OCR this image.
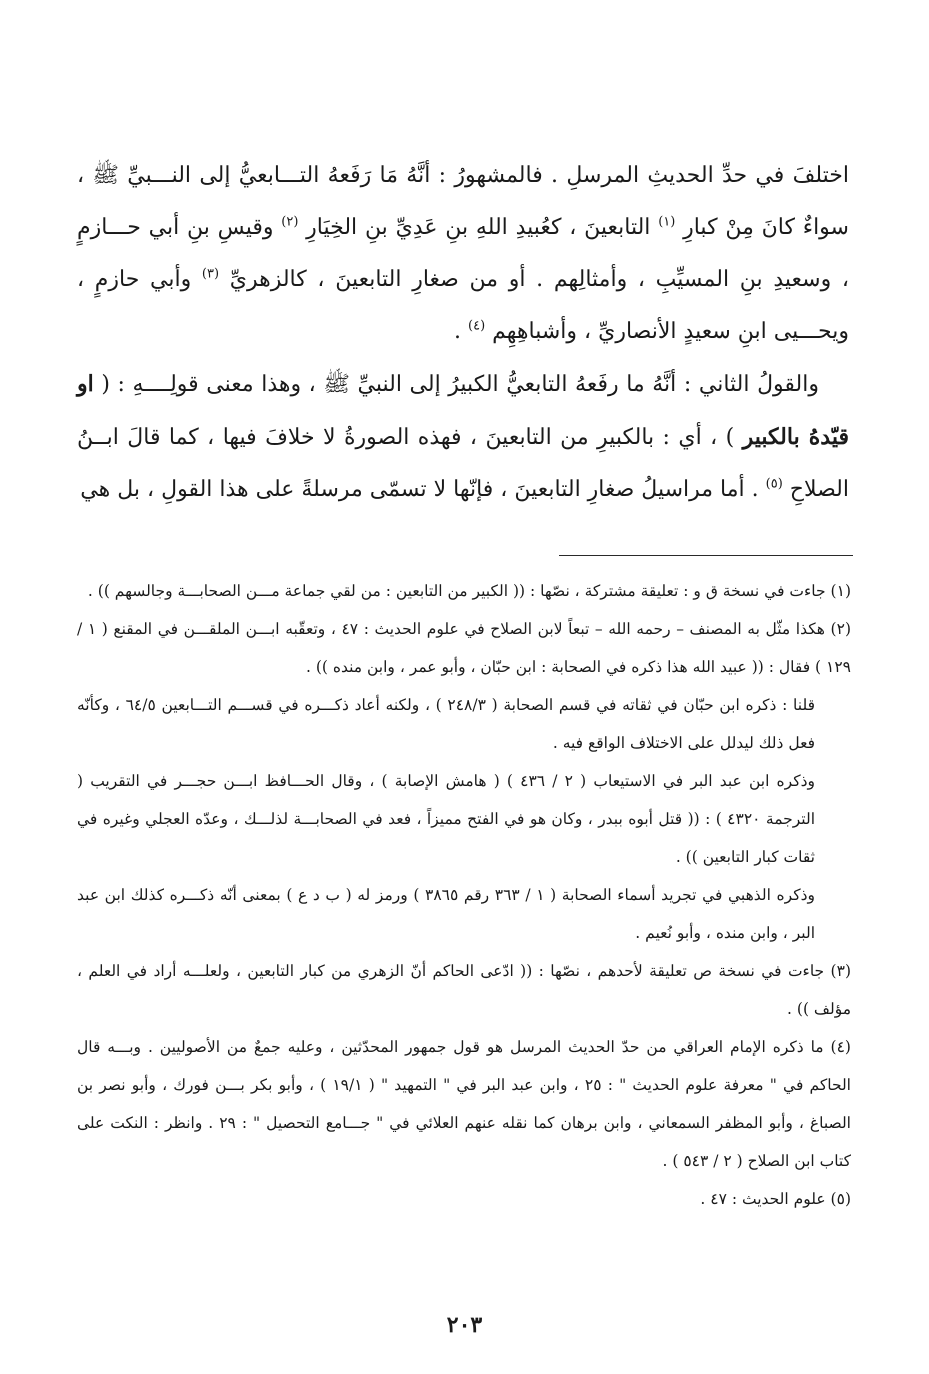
اختلفَ في حدِّ الحديثِ المرسلِ . فالمشهورُ : أنَّهُ مَا رَفَعهُ التـــابعيُّ إلى النـــبيِّ ﷺ ، سواءٌ كانَ مِنْ كبارِ $^{(١)}$ التابعينَ ، كعُبيدِ اللهِ بنِ عَدِيِّ بنِ الخِيَارِ $^{(٢)}$ وقيسِ بنِ أبي حـــازمٍ ، وسعيدِ بنِ المسيِّبِ ، وأمثالِهم . أو من صغارِ التابعينَ ، كالزهريِّ $^{(٣)}$ وأبي حازمٍ ، ويحـــيى ابنِ سعيدٍ الأنصاريِّ ، وأشباهِهِم $^{(٤)}$ .

والقولُ الثاني : أنَّهُ ما رفَعهُ التابعيُّ الكبيرُ إلى النبيِّ ﷺ ، وهذا معنى قولِــــهِ : ( او قيّدهُ بالكبير ) ، أي : بالكبيرِ من التابعينَ ، فهذه الصورةُ لا خلافَ فيها ، كما قالَ ابــنُ الصلاحِ $^{(٥)}$ . أما مراسيلُ صغارِ التابعينَ ، فإنّها لا تسمّى مرسلةً على هذا القولِ ، بل هي

(١) جاءت في نسخة ق و : تعليقة مشتركة ، نصّها : (( الكبير من التابعين : من لقي جماعة مـــن الصحابـــة وجالسهم )) .

(٢) هكذا مثّل به المصنف – رحمه الله – تبعاً لابن الصلاح في علوم الحديث : ٤٧ ، وتعقّبه ابـــن الملقـــن في المقنع ( ١ / ١٢٩ ) فقال : (( عبيد الله هذا ذكره في الصحابة : ابن حبّان ، وأبو عمر ، وابن منده )) .

قلنا : ذكره ابن حبّان في ثقاته في قسم الصحابة ( ٢٤٨/٣ ) ، ولكنه أعاد ذكـــره في قســـم التـــابعين ٦٤/٥ ، وكأنّه فعل ذلك ليدلل على الاختلاف الواقع فيه .

وذكره ابن عبد البر في الاستيعاب ( ٢ / ٤٣٦ ) ( هامش الإصابة ) ، وقال الحـــافظ ابـــن حجـــر في التقريب ( الترجمة ٤٣٢٠ ) : (( قتل أبوه ببدر ، وكان هو في الفتح مميزاً ، فعد في الصحابـــة لذلـــك ، وعدّه العجلي وغيره في ثقات كبار التابعين )) .

وذكره الذهبي في تجريد أسماء الصحابة ( ١ / ٣٦٣ رقم ٣٨٦٥ ) ورمز له ( ب د ع ) بمعنى أنّه ذكـــره كذلك ابن عبد البر ، وابن منده ، وأبو نُعيم .

(٣) جاءت في نسخة ص تعليقة لأحدهم ، نصّها : (( ادّعى الحاكم أنّ الزهري من كبار التابعين ، ولعلـــه أراد في العلم ، مؤلف )) .

(٤) ما ذكره الإمام العراقي من حدّ الحديث المرسل هو قول جمهور المحدّثين ، وعليه جمعٌ من الأصوليين . وبـــه قال الحاكم في " معرفة علوم الحديث " : ٢٥ ، وابن عبد البر في " التمهيد " ( ١٩/١ ) ، وأبو بكر بـــن فورك ، وأبو نصر بن الصباغ ، وأبو المظفر السمعاني ، وابن برهان كما نقله عنهم العلائي في " جـــامع التحصيل " : ٢٩ . وانظر : النكت على كتاب ابن الصلاح ( ٢ / ٥٤٣ ) .

(٥) علوم الحديث : ٤٧ .

٢٠٣
